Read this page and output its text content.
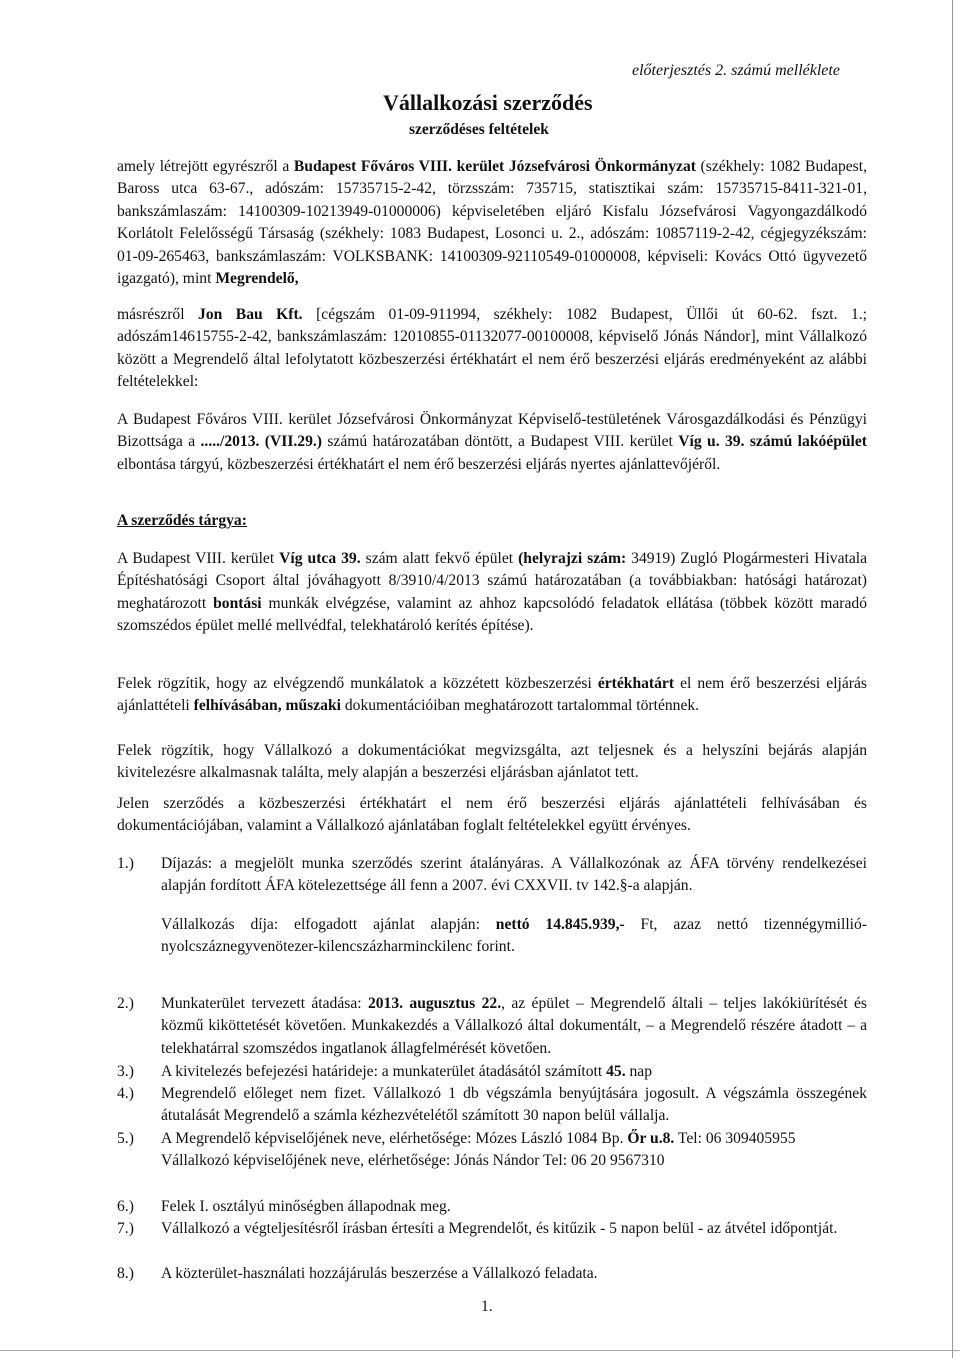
előterjesztés 2. számú melléklete
Vállalkozási szerződés
szerződéses feltételek

amely létrejött egyrészről a Budapest Főváros VIII. kerület Józsefvárosi Önkormányzat (székhely: 1082 Budapest, Baross utca 63-67., adószám: 15735715-2-42, törzsszám: 735715, statisztikai szám: 15735715-8411-321-01, bankszámlaszám: 14100309-10213949-01000006) képviseletében eljáró Kisfalu Józsefvárosi Vagyongazdálkodó Korlátolt Felelősségű Társaság (székhely: 1083 Budapest, Losonci u. 2., adószám: 10857119-2-42, cégjegyzékszám: 01-09-265463, bankszámlaszám: VOLKSBANK: 14100309-92110549-01000008, képviseli: Kovács Ottó ügyvezető igazgató), mint Megrendelő,

másrészről Jon Bau Kft. [cégszám 01-09-911994, székhely: 1082 Budapest, Üllői út 60-62. fszt. 1.; adószám14615755-2-42, bankszámlaszám: 12010855-01132077-00100008, képviselő Jónás Nándor], mint Vállalkozó között a Megrendelő által lefolytatott közbeszerzési értékhatárt el nem érő beszerzési eljárás eredményeként az alábbi feltételekkel:

A Budapest Főváros VIII. kerület Józsefvárosi Önkormányzat Képviselő-testületének Városgazdálkodási és Pénzügyi Bizottsága a ...../2013. (VII.29.) számú határozatában döntött, a Budapest VIII. kerület Víg u. 39. számú lakóépület elbontása tárgyú, közbeszerzési értékhatárt el nem érő beszerzési eljárás nyertes ajánlattevőjéről.

A szerződés tárgya:

A Budapest VIII. kerület Víg utca 39. szám alatt fekvő épület (helyrajzi szám: 34919) Zugló Plogármesteri Hivatala Építéshatósági Csoport által jóváhagyott 8/3910/4/2013 számú határozatában (a továbbiakban: hatósági határozat) meghatározott bontási munkák elvégzése, valamint az ahhoz kapcsolódó feladatok ellátása (többek között maradó szomszédos épület mellé mellvédfal, telekhatároló kerítés építése).

Felek rögzítik, hogy az elvégzendő munkálatok a közzétett közbeszerzési értékhatárt el nem érő beszerzési eljárás ajánlattételi felhívásában, műszaki dokumentációiban meghatározott tartalommal történnek.

Felek rögzítik, hogy Vállalkozó a dokumentációkat megvizsgálta, azt teljesnek és a helyszíni bejárás alapján kivitelezésre alkalmasnak találta, mely alapján a beszerzési eljárásban ajánlatot tett.

Jelen szerződés a közbeszerzési értékhatárt el nem érő beszerzési eljárás ajánlattételi felhívásában és dokumentációjában, valamint a Vállalkozó ajánlatában foglalt feltételekkel együtt érvényes.

1.) Díjazás: a megjelölt munka szerződés szerint átalányáras. A Vállalkozónak az ÁFA törvény rendelkezései alapján fordított ÁFA kötelezettsége áll fenn a 2007. évi CXXVII. tv 142.§-a alapján.
Vállalkozás díja: elfogadott ajánlat alapján: nettó 14.845.939,- Ft, azaz nettó tizennégymillió-nyolcszáznegyvenötezer-kilencszázharminckilenc forint.
2.) Munkaterület tervezett átadása: 2013. augusztus 22., az épület – Megrendelő általi – teljes lakókiürítését és közmű kiköttetését követően. Munkakezdés a Vállalkozó által dokumentált, – a Megrendelő részére átadott – a telekhatárral szomszédos ingatlanok állagfelmérését követően.
3.) A kivitelezés befejezési határideje: a munkaterület átadásától számított 45. nap
4.) Megrendelő előleget nem fizet. Vállalkozó 1 db végszámla benyújtására jogosult. A végszámla összegének átutalását Megrendelő a számla kézhezvételétől számított 30 napon belül vállalja.
5.) A Megrendelő képviselőjének neve, elérhetősége: Mózes László 1084 Bp. Őr u.8. Tel: 06 309405955
Vállalkozó képviselőjének neve, elérhetősége: Jónás Nándor Tel: 06 20 9567310
6.) Felek I. osztályú minőségben állapodnak meg.
7.) Vállalkozó a végteljesítésről írásban értesíti a Megrendelőt, és kitűzik - 5 napon belül - az átvétel időpontját.
8.) A közterület-használati hozzájárulás beszerzése a Vállalkozó feladata.
1.
